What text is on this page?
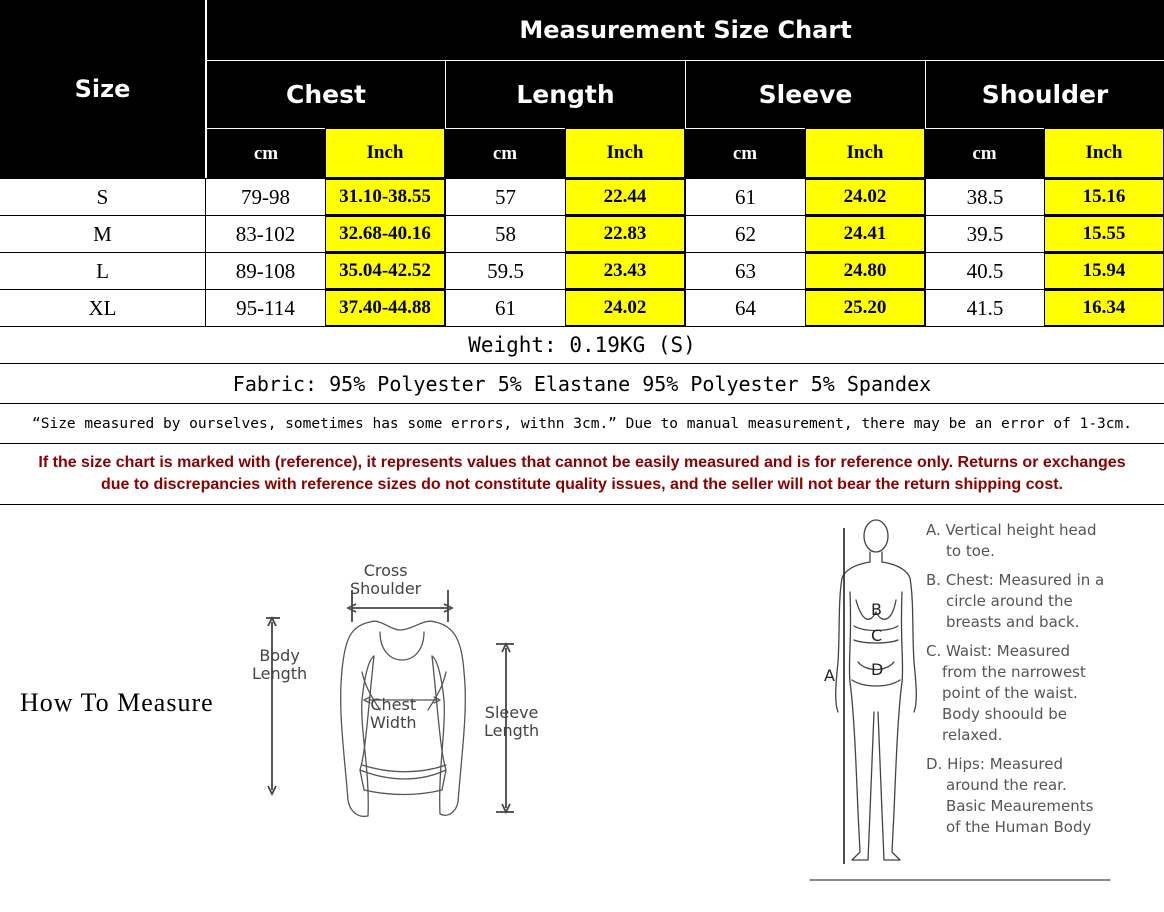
Size
Measurement Size Chart
Chest	Length	Sleeve	Shoulder
cm	Inch	cm	Inch	cm	Inch	cm	Inch
S	79-98	31.10-38.55	57	22.44	61	24.02	38.5	15.16
M	83-102	32.68-40.16	58	22.83	62	24.41	39.5	15.55
L	89-108	35.04-42.52	59.5	23.43	63	24.80	40.5	15.94
XL	95-114	37.40-44.88	61	24.02	64	25.20	41.5	16.34
Weight: 0.19KG (S)
Fabric: 95% Polyester 5% Elastane 95% Polyester 5% Spandex
“Size measured by ourselves, sometimes has some errors, withn 3cm.” Due to manual measurement, there may be an error of 1-3cm.
If the size chart is marked with (reference), it represents values that cannot be easily measured and is for reference only. Returns or exchanges
due to discrepancies with reference sizes do not constitute quality issues, and the seller will not bear the return shipping cost.
How To Measure
Cross
Shoulder
Body
Length
Chest
Width
Sleeve
Length
A
B
C
D

A. Vertical height head

to toe.

B. Chest: Measured in a

circle around the
breasts and back.

C. Waist: Measured

from the narrowest
point of the waist.
Body shoould be
relaxed.

D. Hips: Measured

around the rear.
Basic Meaurements
of the Human Body
